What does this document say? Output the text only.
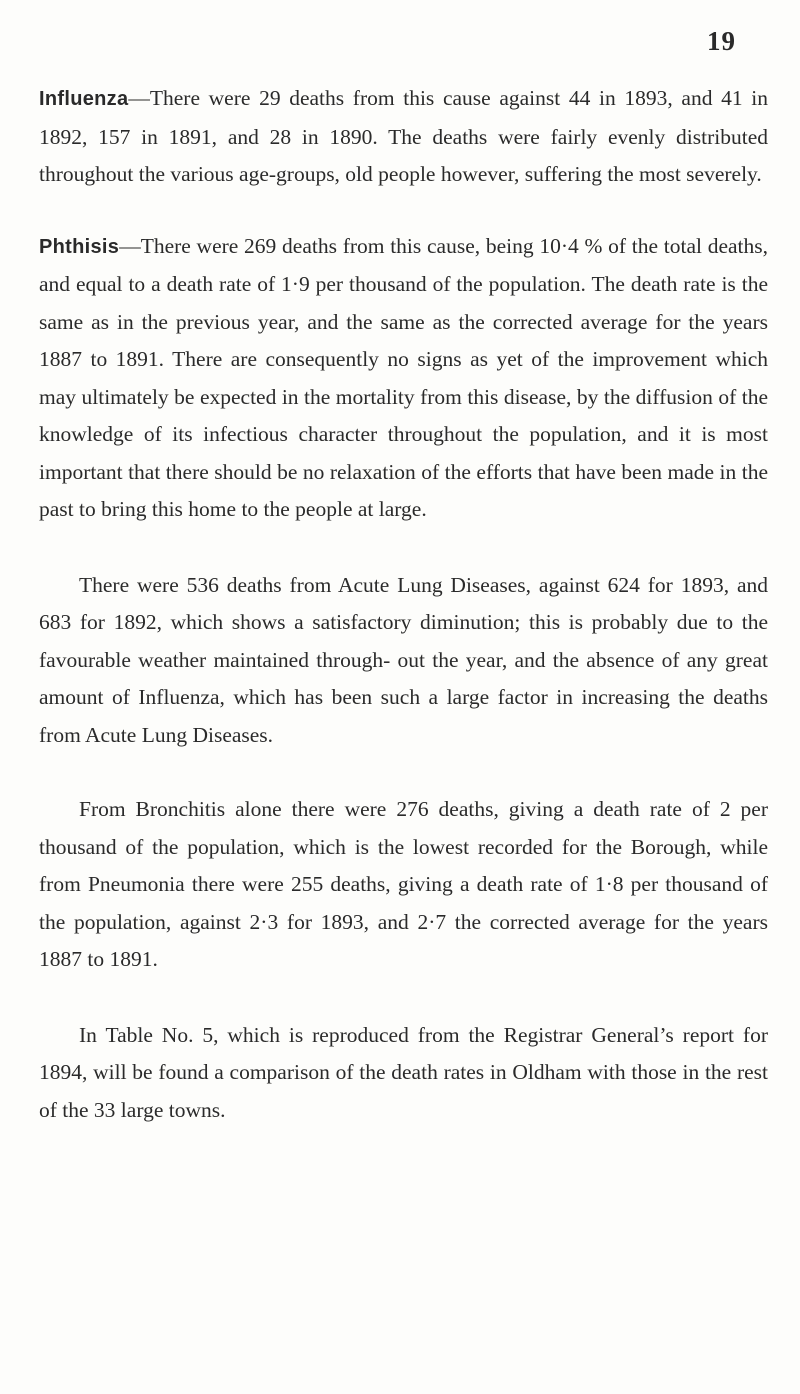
19

Influenza—There were 29 deaths from this cause against 44 in 1893, and 41 in 1892, 157 in 1891, and 28 in 1890. The deaths were fairly evenly distributed throughout the various age-groups, old people however, suffering the most severely.

Phthisis—There were 269 deaths from this cause, being 10·4 % of the total deaths, and equal to a death rate of 1·9 per thousand of the population. The death rate is the same as in the previous year, and the same as the corrected average for the years 1887 to 1891. There are consequently no signs as yet of the improvement which may ultimately be expected in the mortality from this disease, by the diffusion of the knowledge of its infectious character throughout the population, and it is most important that there should be no relaxation of the efforts that have been made in the past to bring this home to the people at large.

There were 536 deaths from Acute Lung Diseases, against 624 for 1893, and 683 for 1892, which shows a satisfactory diminution; this is probably due to the favourable weather maintained through- out the year, and the absence of any great amount of Influenza, which has been such a large factor in increasing the deaths from Acute Lung Diseases.

From Bronchitis alone there were 276 deaths, giving a death rate of 2 per thousand of the population, which is the lowest recorded for the Borough, while from Pneumonia there were 255 deaths, giving a death rate of 1·8 per thousand of the population, against 2·3 for 1893, and 2·7 the corrected average for the years 1887 to 1891.

In Table No. 5, which is reproduced from the Registrar General’s report for 1894, will be found a comparison of the death rates in Oldham with those in the rest of the 33 large towns.
